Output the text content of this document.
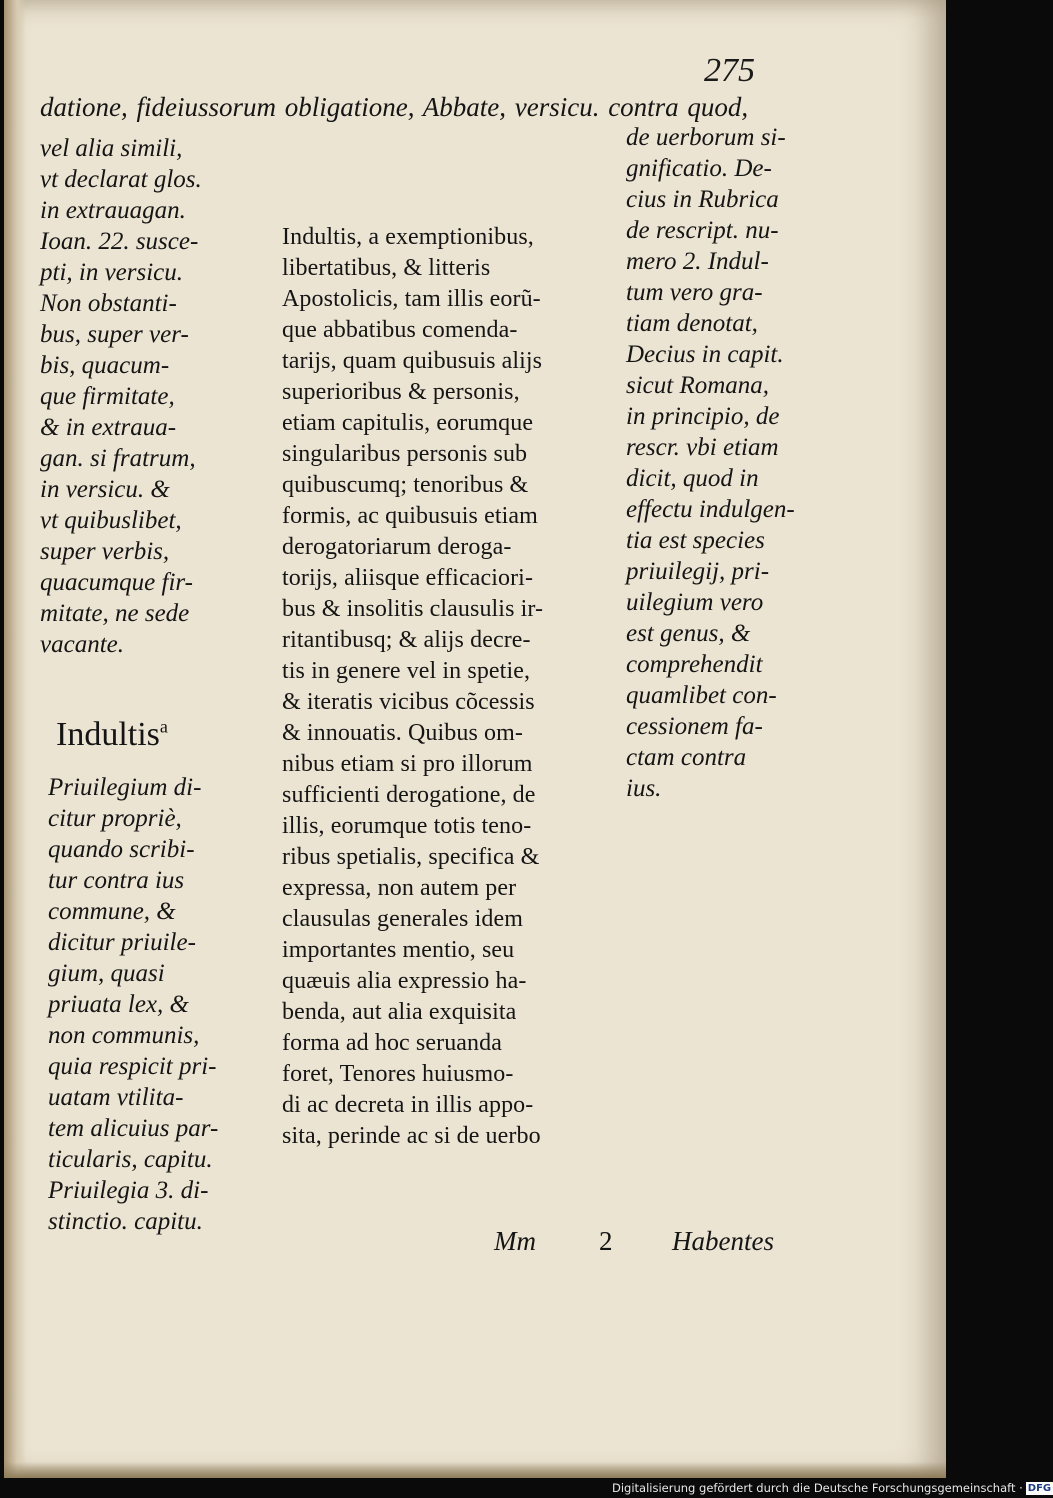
275
datione, fideiussorum obligatione, Abbate, versicu. contra quod,
vel alia simili,
vt declarat glos.
in extrauagan.
Ioan. 22. susce-
pti, in versicu.
Non obstanti-
bus, super ver-
bis, quacum-
que firmitate,
& in extraua-
gan. si fratrum,
in versicu. &
vt quibuslibet,
super verbis,
quacumque fir-
mitate, ne sede
vacante.
Indultis$^a$
Priuilegium di-
citur propriè,
quando scribi-
tur contra ius
commune, &
dicitur priuile-
gium, quasi
priuata lex, &
non communis,
quia respicit pri-
uatam vtilita-
tem alicuius par-
ticularis, capitu.
Priuilegia 3. di-
stinctio. capitu.
Indultis, a exemptionibus,
libertatibus, & litteris
Apostolicis, tam illis eorũ-
que abbatibus comenda-
tarijs, quam quibusuis alijs
superioribus & personis,
etiam capitulis, eorumque
singularibus personis sub
quibuscumq; tenoribus &
formis, ac quibusuis etiam
derogatoriarum deroga-
torijs, aliisque efficaciori-
bus & insolitis clausulis ir-
ritantibusq; & alijs decre-
tis in genere vel in spetie,
& iteratis vicibus cõcessis
& innouatis. Quibus om-
nibus etiam si pro illorum
sufficienti derogatione, de
illis, eorumque totis teno-
ribus spetialis, specifica &
expressa, non autem per
clausulas generales idem
importantes mentio, seu
quæuis alia expressio ha-
benda, aut alia exquisita
forma ad hoc seruanda
foret, Tenores huiusmo-
di ac decreta in illis appo-
sita, perinde ac si de uerbo
de uerborum si-
gnificatio. De-
cius in Rubrica
de rescript. nu-
mero 2. Indul-
tum vero gra-
tiam denotat,
Decius in capit.
sicut Romana,
in principio, de
rescr. vbi etiam
dicit, quod in
effectu indulgen-
tia est species
priuilegij, pri-
uilegium vero
est genus, &
comprehendit
quamlibet con-
cessionem fa-
ctam contra
ius.
Mm 2 Habentes
Digitalisierung gefördert durch die Deutsche Forschungsgemeinschaft · DFG
